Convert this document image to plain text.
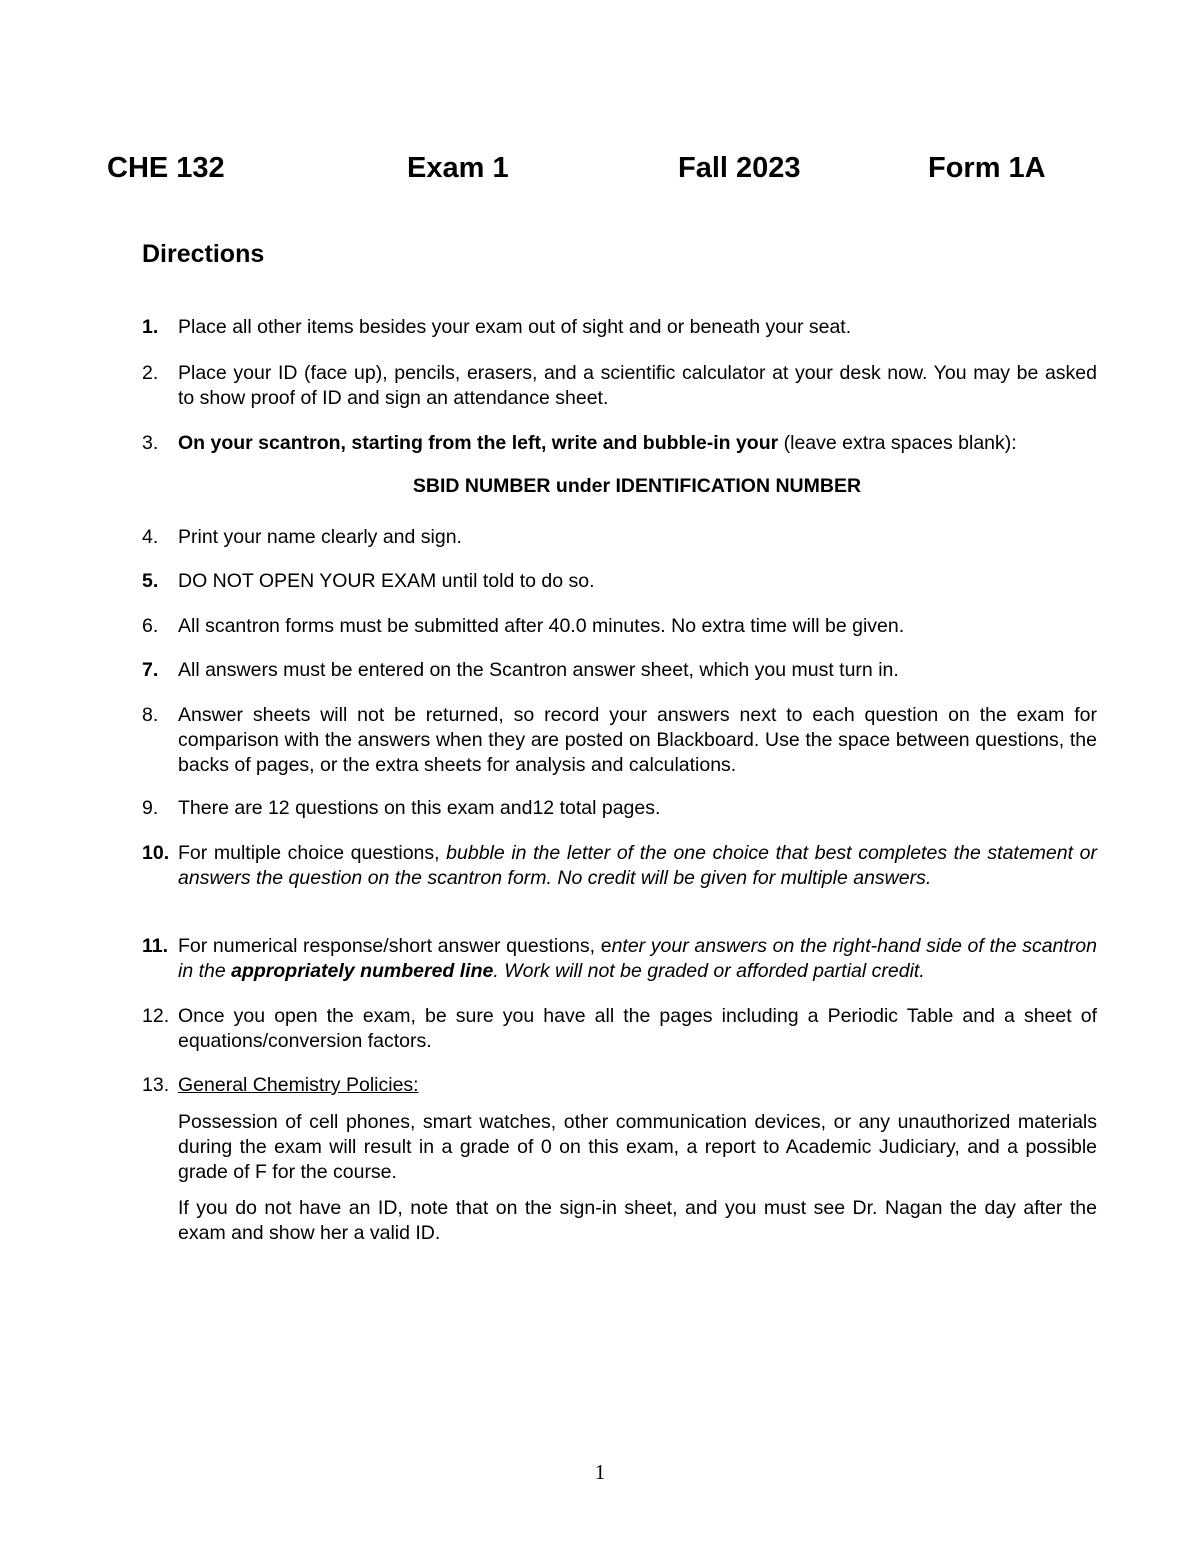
CHE 132	Exam 1	Fall 2023	Form 1A
Directions
1.	Place all other items besides your exam out of sight and or beneath your seat.
2.	Place your ID (face up), pencils, erasers, and a scientific calculator at your desk now. You may be asked to show proof of ID and sign an attendance sheet.
3.	On your scantron, starting from the left, write and bubble-in your (leave extra spaces blank):
SBID NUMBER under IDENTIFICATION NUMBER
4.	Print your name clearly and sign.
5.	DO NOT OPEN YOUR EXAM until told to do so.
6.	All scantron forms must be submitted after 40.0 minutes. No extra time will be given.
7.	All answers must be entered on the Scantron answer sheet, which you must turn in.
8.	Answer sheets will not be returned, so record your answers next to each question on the exam for comparison with the answers when they are posted on Blackboard. Use the space between questions, the backs of pages, or the extra sheets for analysis and calculations.
9.	There are 12 questions on this exam and12 total pages.
10. For multiple choice questions, bubble in the letter of the one choice that best completes the statement or answers the question on the scantron form. No credit will be given for multiple answers.
11. For numerical response/short answer questions, enter your answers on the right-hand side of the scantron in the appropriately numbered line. Work will not be graded or afforded partial credit.
12. Once you open the exam, be sure you have all the pages including a Periodic Table and a sheet of equations/conversion factors.
13. General Chemistry Policies:
Possession of cell phones, smart watches, other communication devices, or any unauthorized materials during the exam will result in a grade of 0 on this exam, a report to Academic Judiciary, and a possible grade of F for the course.
If you do not have an ID, note that on the sign-in sheet, and you must see Dr. Nagan the day after the exam and show her a valid ID.
1
